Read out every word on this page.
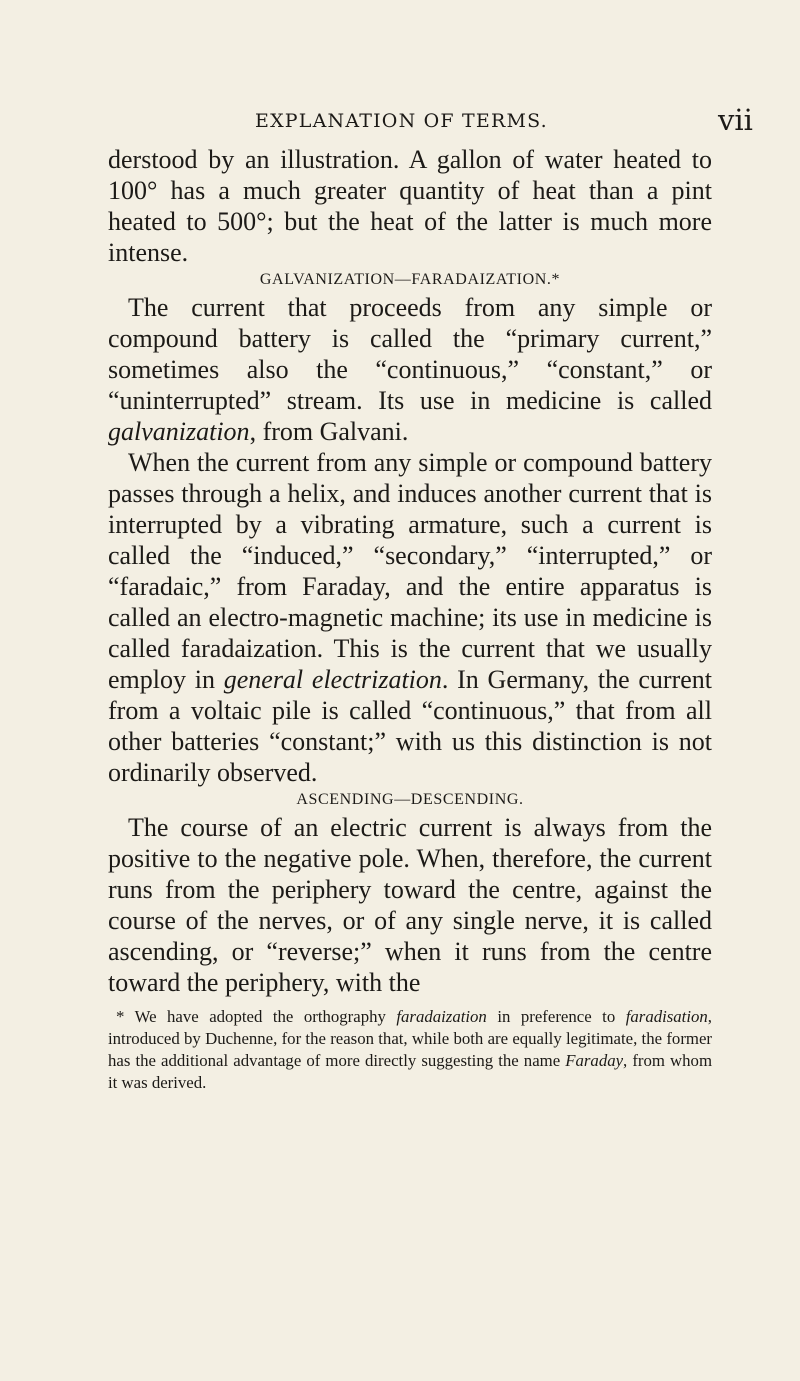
EXPLANATION OF TERMS.	vii

derstood by an illustration. A gallon of water heated to 100° has a much greater quantity of heat than a pint heated to 500°; but the heat of the latter is much more intense.

GALVANIZATION—FARADAIZATION.*

The current that proceeds from any simple or compound battery is called the “primary current,” sometimes also the “continuous,” “constant,” or “uninterrupted” stream. Its use in medicine is called galvanization, from Galvani.

When the current from any simple or compound battery passes through a helix, and induces another current that is interrupted by a vibrating armature, such a current is called the “induced,” “secondary,” “interrupted,” or “faradaic,” from Faraday, and the entire apparatus is called an electro-magnetic machine; its use in medicine is called faradaization. This is the current that we usually employ in general electrization. In Germany, the current from a voltaic pile is called “continuous,” that from all other batteries “constant;” with us this distinction is not ordinarily observed.

ASCENDING—DESCENDING.

The course of an electric current is always from the positive to the negative pole. When, therefore, the current runs from the periphery toward the centre, against the course of the nerves, or of any single nerve, it is called ascending, or “reverse;” when it runs from the centre toward the periphery, with the

* We have adopted the orthography faradaization in preference to faradisation, introduced by Duchenne, for the reason that, while both are equally legitimate, the former has the additional advantage of more directly suggesting the name Faraday, from whom it was derived.
